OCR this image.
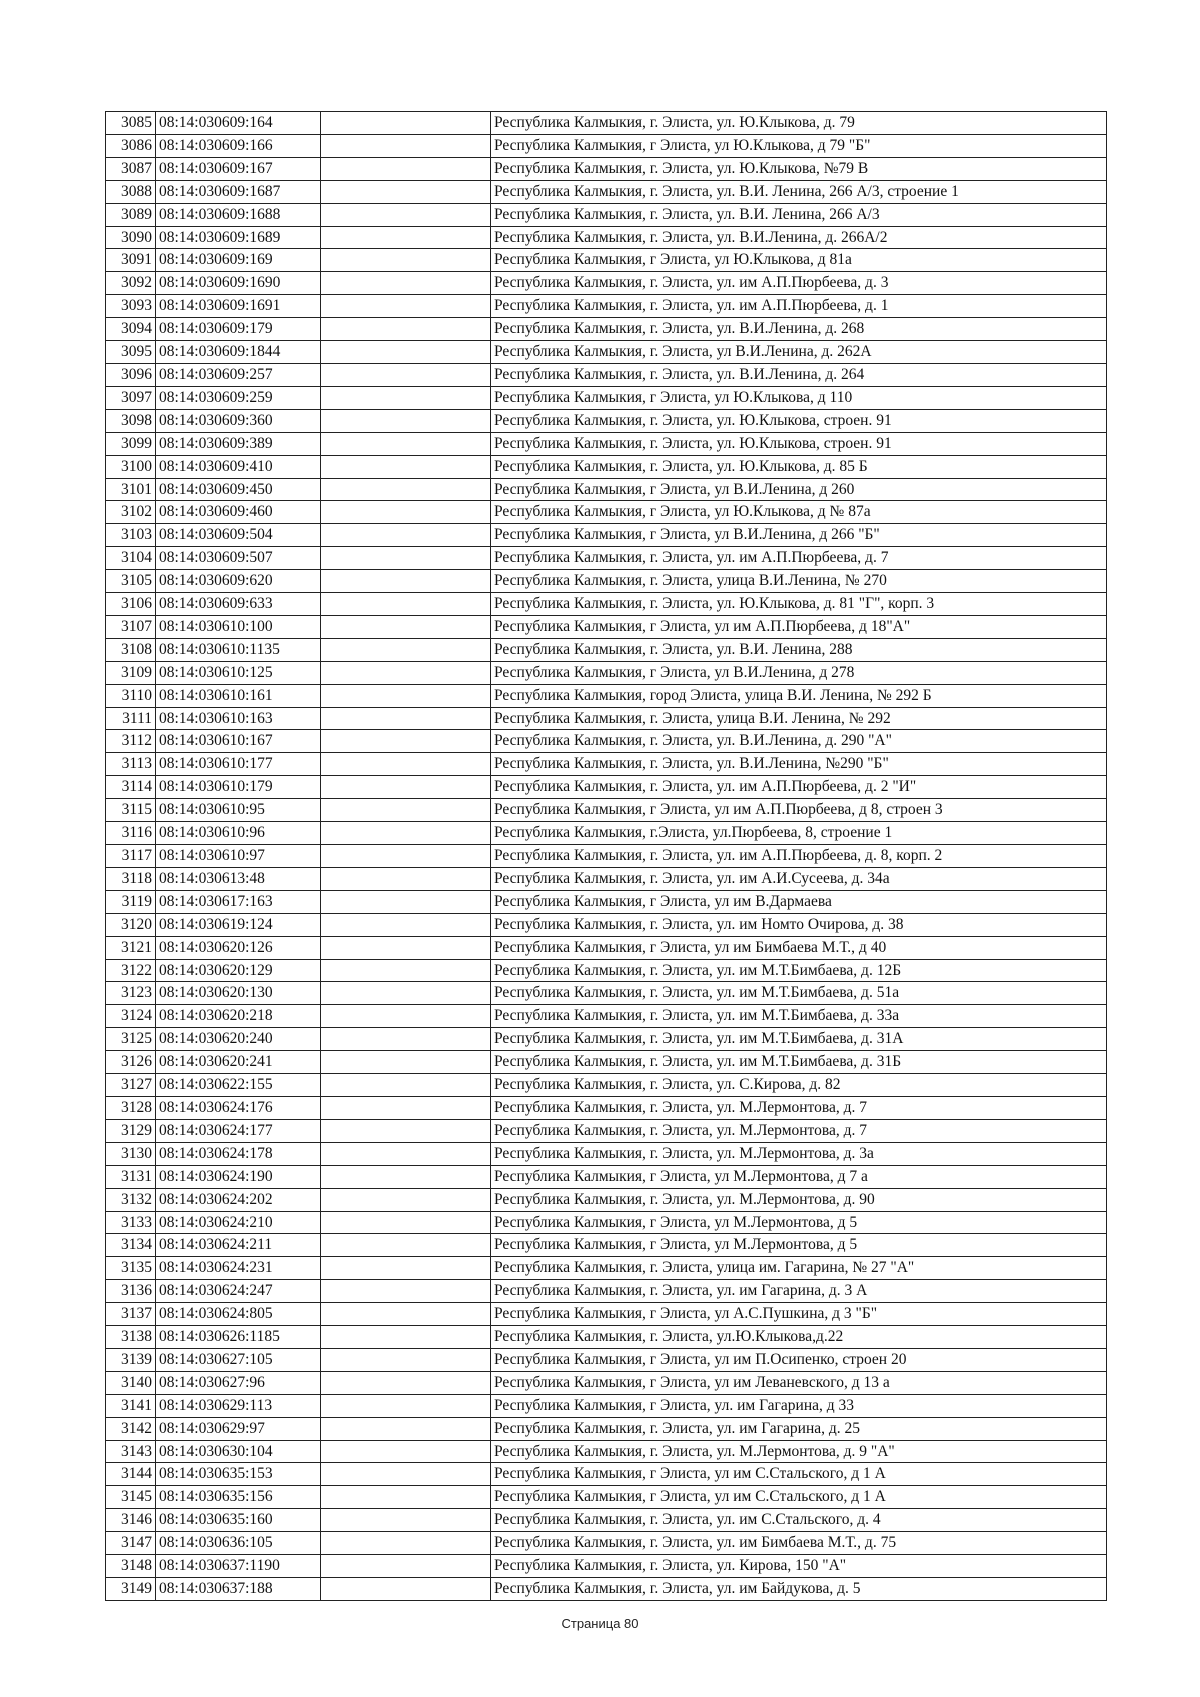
3085	08:14:030609:164		Республика Калмыкия, г. Элиста, ул. Ю.Клыкова, д. 79
3086	08:14:030609:166		Республика Калмыкия, г Элиста, ул Ю.Клыкова, д 79 "Б"
3087	08:14:030609:167		Республика Калмыкия, г. Элиста, ул. Ю.Клыкова, №79 В
3088	08:14:030609:1687		Республика Калмыкия, г. Элиста, ул. В.И. Ленина, 266 А/3, строение 1
3089	08:14:030609:1688		Республика Калмыкия, г. Элиста, ул. В.И. Ленина, 266 А/3
3090	08:14:030609:1689		Республика Калмыкия, г. Элиста, ул. В.И.Ленина, д. 266А/2
3091	08:14:030609:169		Республика Калмыкия, г Элиста, ул Ю.Клыкова, д 81а
3092	08:14:030609:1690		Республика Калмыкия, г. Элиста, ул. им А.П.Пюрбеева, д. 3
3093	08:14:030609:1691		Республика Калмыкия, г. Элиста, ул. им А.П.Пюрбеева, д. 1
3094	08:14:030609:179		Республика Калмыкия, г. Элиста, ул. В.И.Ленина, д. 268
3095	08:14:030609:1844		Республика Калмыкия, г. Элиста, ул В.И.Ленина, д. 262А
3096	08:14:030609:257		Республика Калмыкия, г. Элиста, ул. В.И.Ленина, д. 264
3097	08:14:030609:259		Республика Калмыкия, г Элиста, ул Ю.Клыкова, д 110
3098	08:14:030609:360		Республика Калмыкия, г. Элиста, ул. Ю.Клыкова, строен. 91
3099	08:14:030609:389		Республика Калмыкия, г. Элиста, ул. Ю.Клыкова, строен. 91
3100	08:14:030609:410		Республика Калмыкия, г. Элиста, ул. Ю.Клыкова, д. 85 Б
3101	08:14:030609:450		Республика Калмыкия, г Элиста, ул В.И.Ленина, д 260
3102	08:14:030609:460		Республика Калмыкия, г Элиста, ул Ю.Клыкова, д № 87а
3103	08:14:030609:504		Республика Калмыкия, г Элиста, ул В.И.Ленина, д 266 "Б"
3104	08:14:030609:507		Республика Калмыкия, г. Элиста, ул. им А.П.Пюрбеева, д. 7
3105	08:14:030609:620		Республика Калмыкия, г. Элиста, улица В.И.Ленина, № 270
3106	08:14:030609:633		Республика Калмыкия, г. Элиста, ул. Ю.Клыкова, д. 81 "Г", корп. 3
3107	08:14:030610:100		Республика Калмыкия, г Элиста, ул им А.П.Пюрбеева, д 18"А"
3108	08:14:030610:1135		Республика Калмыкия, г. Элиста, ул. В.И. Ленина, 288
3109	08:14:030610:125		Республика Калмыкия, г Элиста, ул В.И.Ленина, д 278
3110	08:14:030610:161		Республика Калмыкия, город Элиста, улица В.И. Ленина, № 292 Б
3111	08:14:030610:163		Республика Калмыкия, г. Элиста, улица В.И. Ленина, № 292
3112	08:14:030610:167		Республика Калмыкия, г. Элиста, ул. В.И.Ленина, д. 290 "А"
3113	08:14:030610:177		Республика Калмыкия, г. Элиста, ул. В.И.Ленина, №290 "Б"
3114	08:14:030610:179		Республика Калмыкия, г. Элиста, ул. им А.П.Пюрбеева, д. 2 "И"
3115	08:14:030610:95		Республика Калмыкия, г Элиста, ул им А.П.Пюрбеева, д 8, строен 3
3116	08:14:030610:96		Республика Калмыкия, г.Элиста, ул.Пюрбеева, 8, строение 1
3117	08:14:030610:97		Республика Калмыкия, г. Элиста, ул. им А.П.Пюрбеева, д. 8, корп. 2
3118	08:14:030613:48		Республика Калмыкия, г. Элиста, ул. им А.И.Сусеева, д. 34а
3119	08:14:030617:163		Республика Калмыкия, г Элиста, ул им В.Дармаева
3120	08:14:030619:124		Республика Калмыкия, г. Элиста, ул. им Номто Очирова, д. 38
3121	08:14:030620:126		Республика Калмыкия, г Элиста, ул им Бимбаева М.Т., д 40
3122	08:14:030620:129		Республика Калмыкия, г. Элиста, ул. им М.Т.Бимбаева, д. 12Б
3123	08:14:030620:130		Республика Калмыкия, г. Элиста, ул. им М.Т.Бимбаева, д. 51а
3124	08:14:030620:218		Республика Калмыкия, г. Элиста, ул. им М.Т.Бимбаева, д. 33а
3125	08:14:030620:240		Республика Калмыкия, г. Элиста, ул. им М.Т.Бимбаева, д. 31А
3126	08:14:030620:241		Республика Калмыкия, г. Элиста, ул. им М.Т.Бимбаева, д. 31Б
3127	08:14:030622:155		Республика Калмыкия, г. Элиста, ул. С.Кирова, д. 82
3128	08:14:030624:176		Республика Калмыкия, г. Элиста, ул. М.Лермонтова, д. 7
3129	08:14:030624:177		Республика Калмыкия, г. Элиста, ул. М.Лермонтова, д. 7
3130	08:14:030624:178		Республика Калмыкия, г. Элиста, ул. М.Лермонтова, д. 3а
3131	08:14:030624:190		Республика Калмыкия, г Элиста, ул М.Лермонтова, д 7 а
3132	08:14:030624:202		Республика Калмыкия, г. Элиста, ул. М.Лермонтова, д. 90
3133	08:14:030624:210		Республика Калмыкия, г Элиста, ул М.Лермонтова, д 5
3134	08:14:030624:211		Республика Калмыкия, г Элиста, ул М.Лермонтова, д 5
3135	08:14:030624:231		Республика Калмыкия, г. Элиста, улица им. Гагарина, № 27 "А"
3136	08:14:030624:247		Республика Калмыкия, г. Элиста, ул. им Гагарина, д. 3 А
3137	08:14:030624:805		Республика Калмыкия, г Элиста, ул А.С.Пушкина, д 3 "Б"
3138	08:14:030626:1185		Республика Калмыкия, г. Элиста, ул.Ю.Клыкова,д.22
3139	08:14:030627:105		Республика Калмыкия, г Элиста, ул им П.Осипенко, строен 20
3140	08:14:030627:96		Республика Калмыкия, г Элиста, ул им Леваневского, д 13 а
3141	08:14:030629:113		Республика Калмыкия, г Элиста, ул. им Гагарина, д 33
3142	08:14:030629:97		Республика Калмыкия, г. Элиста, ул. им Гагарина, д. 25
3143	08:14:030630:104		Республика Калмыкия, г. Элиста, ул. М.Лермонтова, д. 9 "А"
3144	08:14:030635:153		Республика Калмыкия, г Элиста, ул им С.Стальского, д 1 А
3145	08:14:030635:156		Республика Калмыкия, г Элиста, ул им С.Стальского, д 1 А
3146	08:14:030635:160		Республика Калмыкия, г. Элиста, ул. им С.Стальского, д. 4
3147	08:14:030636:105		Республика Калмыкия, г. Элиста, ул. им Бимбаева М.Т., д. 75
3148	08:14:030637:1190		Республика Калмыкия, г. Элиста, ул. Кирова, 150 "А"
3149	08:14:030637:188		Республика Калмыкия, г. Элиста, ул. им Байдукова, д. 5
Страница 80
